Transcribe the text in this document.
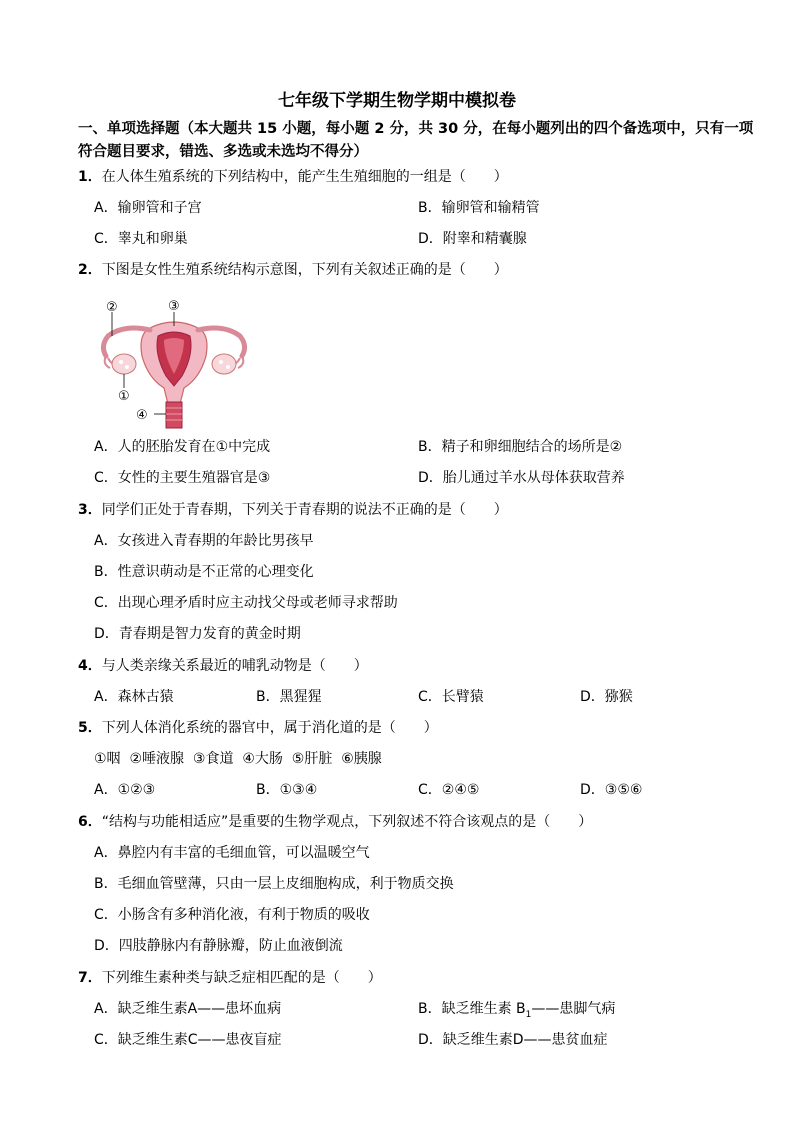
七年级下学期生物学期中模拟卷
一、单项选择题（本大题共 15 小题，每小题 2 分，共 30 分，在每小题列出的四个备选项中，只有一项符合题目要求，错选、多选或未选均不得分）
1．在人体生殖系统的下列结构中，能产生生殖细胞的一组是（　　）
A．输卵管和子宫	B．输卵管和输精管
C．睾丸和卵巢	D．附睾和精囊腺
2．下图是女性生殖系统结构示意图，下列有关叙述正确的是（　　）
②	③
①
④
A．人的胚胎发育在①中完成	B．精子和卵细胞结合的场所是②
C．女性的主要生殖器官是③	D．胎儿通过羊水从母体获取营养
3．同学们正处于青春期，下列关于青春期的说法不正确的是（　　）
A．女孩进入青春期的年龄比男孩早
B．性意识萌动是不正常的心理变化
C．出现心理矛盾时应主动找父母或老师寻求帮助
D．青春期是智力发育的黄金时期
4．与人类亲缘关系最近的哺乳动物是（　　）
A．森林古猿	B．黑猩猩	C．长臂猿	D．猕猴
5．下列人体消化系统的器官中，属于消化道的是（　　）
①咽  ②唾液腺  ③食道  ④大肠  ⑤肝脏  ⑥胰腺
A．①②③	B．①③④	C．②④⑤	D．③⑤⑥
6．“结构与功能相适应”是重要的生物学观点，下列叙述不符合该观点的是（　　）
A．鼻腔内有丰富的毛细血管，可以温暖空气
B．毛细血管壁薄，只由一层上皮细胞构成，利于物质交换
C．小肠含有多种消化液，有利于物质的吸收
D．四肢静脉内有静脉瓣，防止血液倒流
7．下列维生素种类与缺乏症相匹配的是（　　）
A．缺乏维生素A——患坏血病	B．缺乏维生素 $B_1——$患脚气病
C．缺乏维生素C——患夜盲症	D．缺乏维生素D——患贫血症
